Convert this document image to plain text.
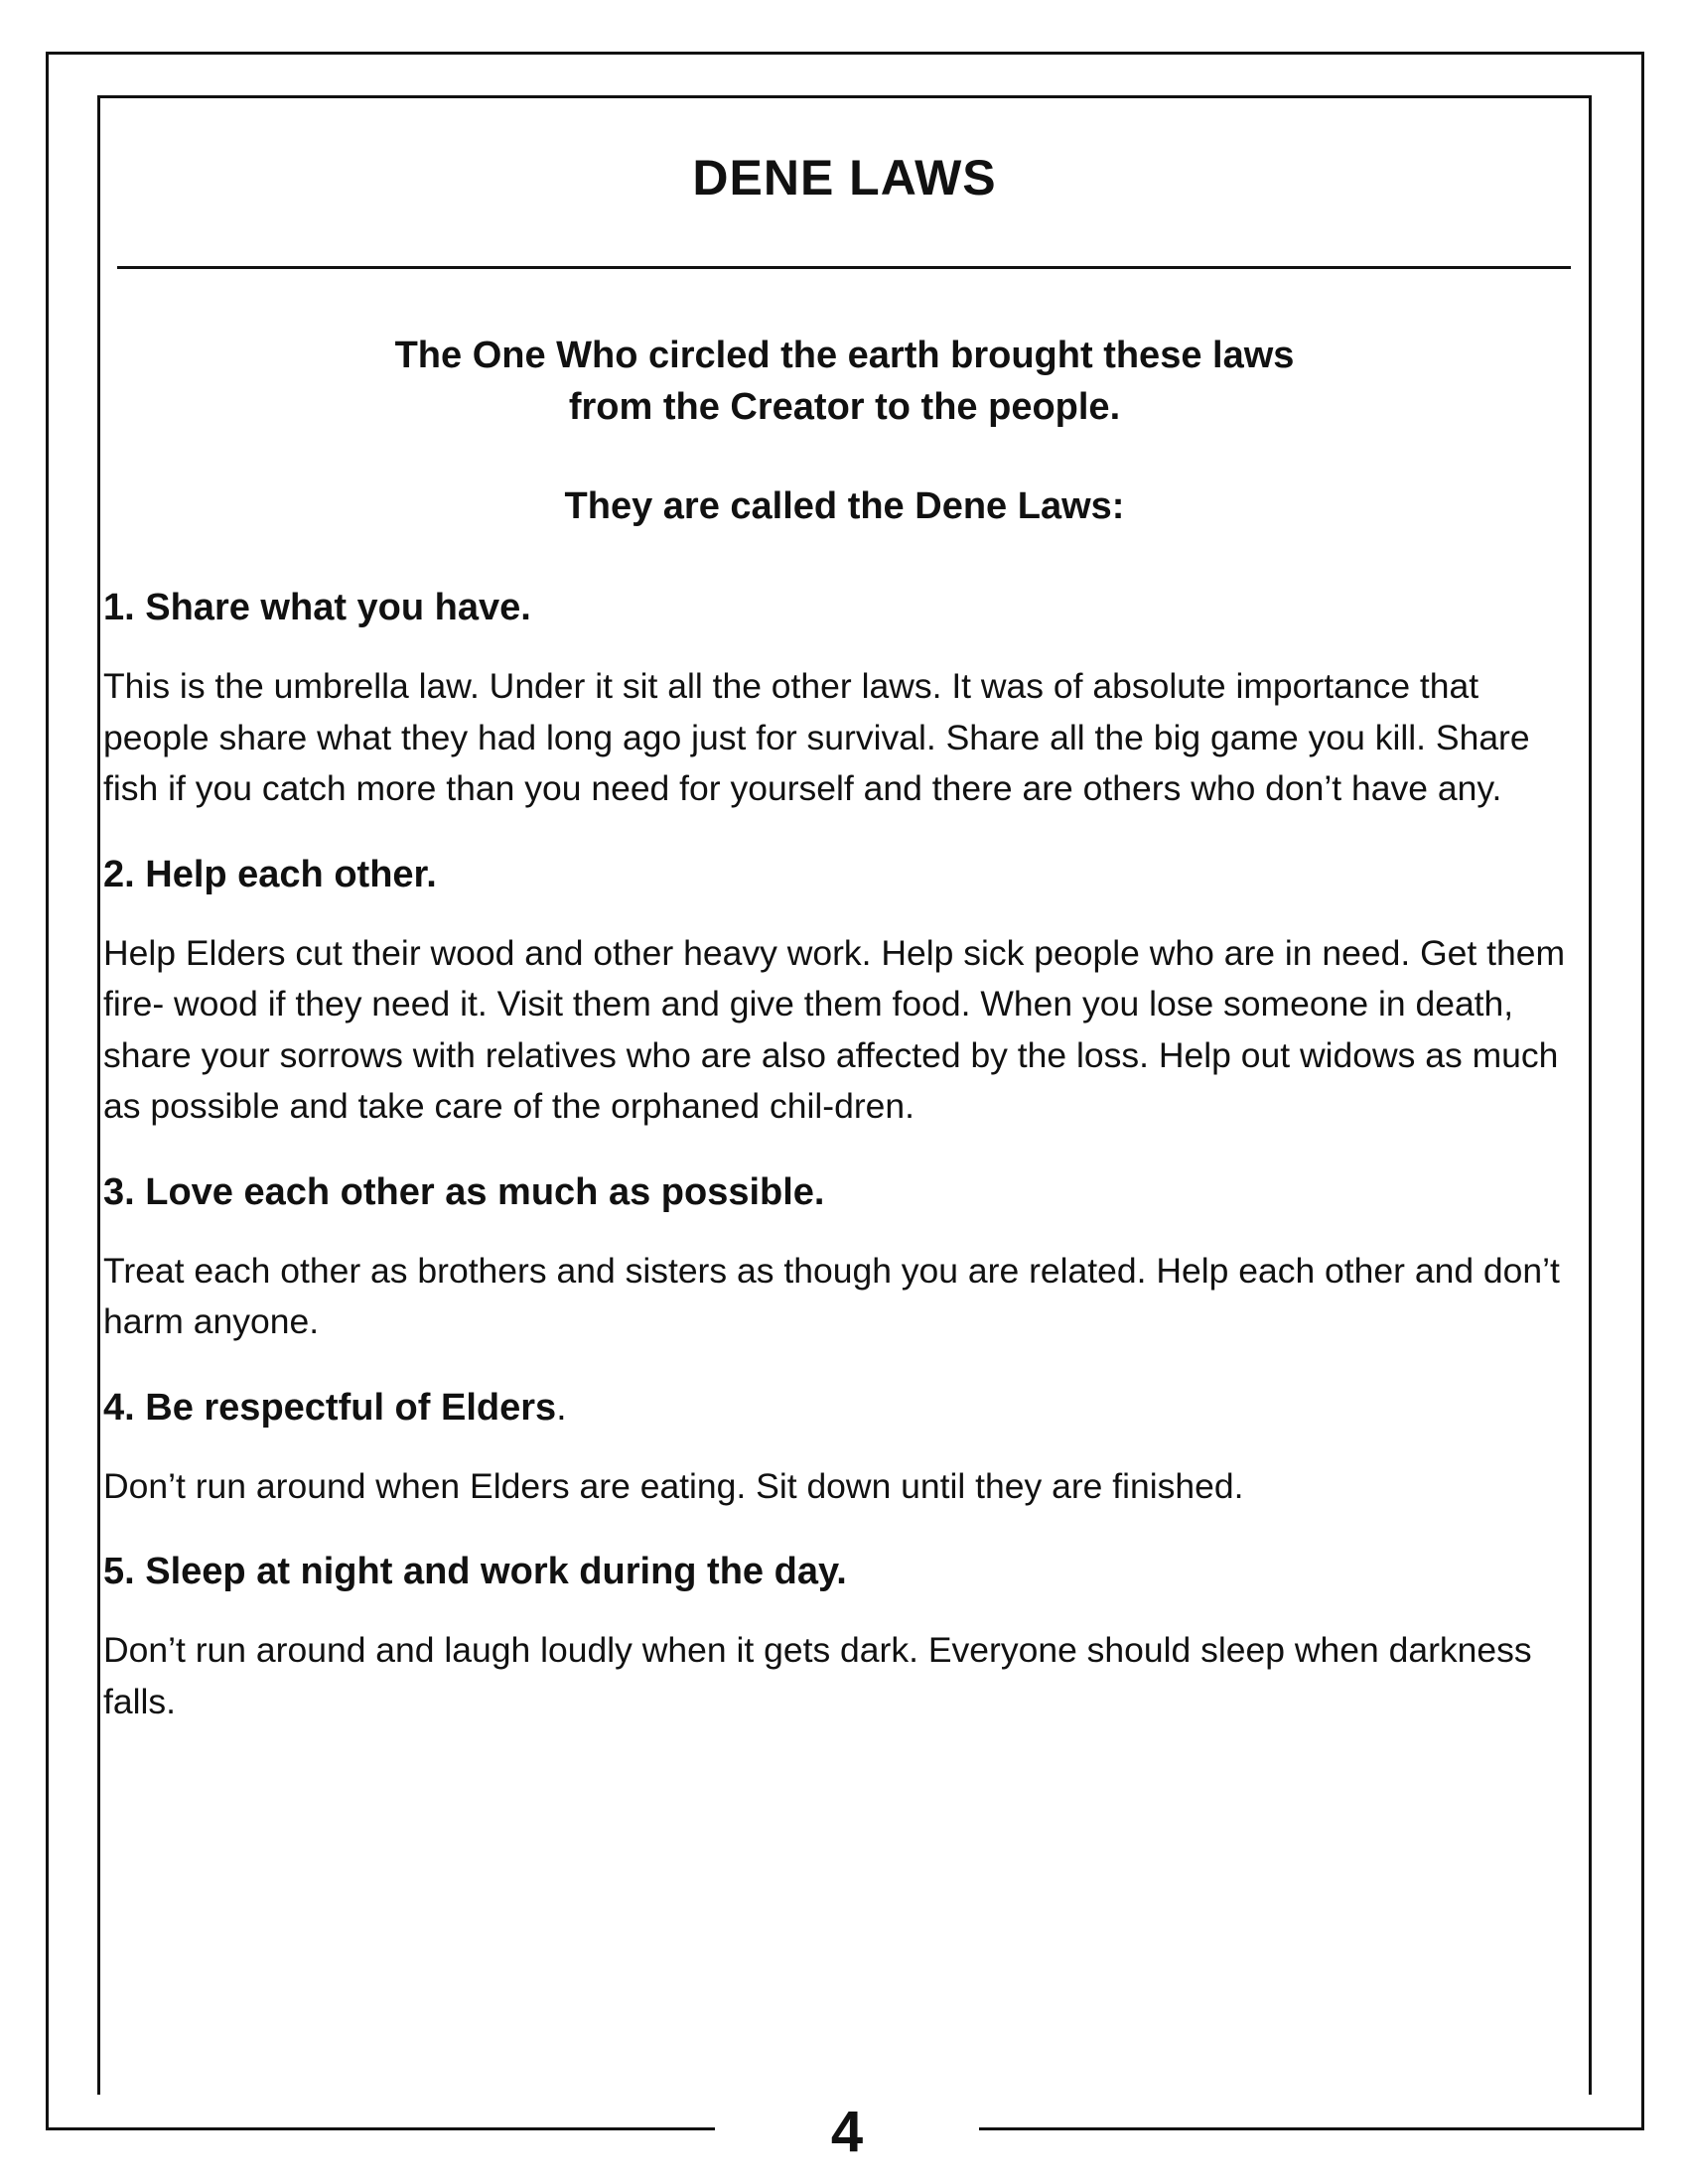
DENE LAWS
The One Who circled the earth brought these laws
from the Creator to the people.
They are called the Dene Laws:
1. Share what you have.
This is the umbrella law. Under it sit all the other laws. It was of absolute importance that people share what they had long ago just for survival. Share all the big game you kill. Share fish if you catch more than you need for yourself and there are others who don’t have any.
2. Help each other.
Help Elders cut their wood and other heavy work. Help sick people who are in need. Get them fire- wood if they need it. Visit them and give them food. When you lose someone in death, share your sorrows with relatives who are also affected by the loss. Help out widows as much as possible and take care of the orphaned chil-dren.
3. Love each other as much as possible.
Treat each other as brothers and sisters as though you are related. Help each other and don’t harm anyone.
4. Be respectful of Elders.
Don’t run around when Elders are eating. Sit down until they are finished.
5. Sleep at night and work during the day.
Don’t run around and laugh loudly when it gets dark. Everyone should sleep when darkness falls.
4
